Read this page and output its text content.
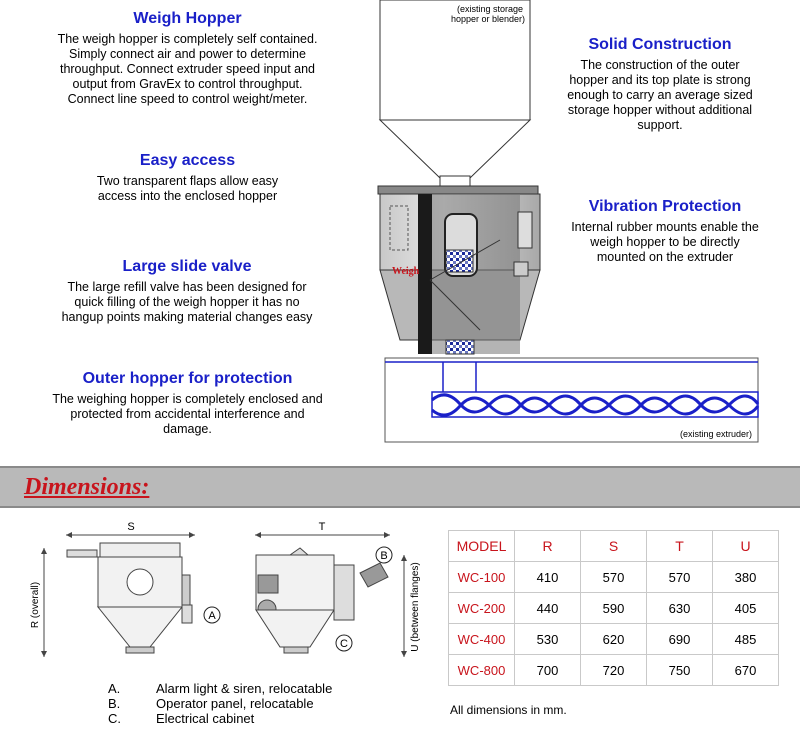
Weigh Hopper

The weigh hopper is completely self contained.
Simply connect air and power to determine
throughput. Connect extruder speed input and
output from GravEx to control throughput.
Connect line speed to control weight/meter.

Easy access

Two transparent flaps allow easy
access into the enclosed hopper

Large slide valve

The large refill valve has been designed for
quick filling of the weigh hopper it has no
hangup points making material changes easy

Outer hopper for protection

The weighing hopper is completely enclosed and
protected from accidental interference and
damage.

Solid Construction

The construction of the outer
hopper and its top plate is strong
enough to carry an average sized
storage hopper without additional
support.

Vibration Protection

Internal rubber mounts enable the
weigh hopper to be directly
mounted on the extruder

(existing storage
hopper or blender)
Weigh
(existing extruder)
Dimensions:
S
R (overall)	A
T
B
C	U (between flanges)
MODEL	R	S	T	U
WC-100	410	570	570	380
WC-200	440	590	630	405
WC-400	530	620	690	485
WC-800	700	720	750	670
A.	Alarm light & siren, relocatable
B.	Operator panel, relocatable
C.	Electrical cabinet
All dimensions in mm.
